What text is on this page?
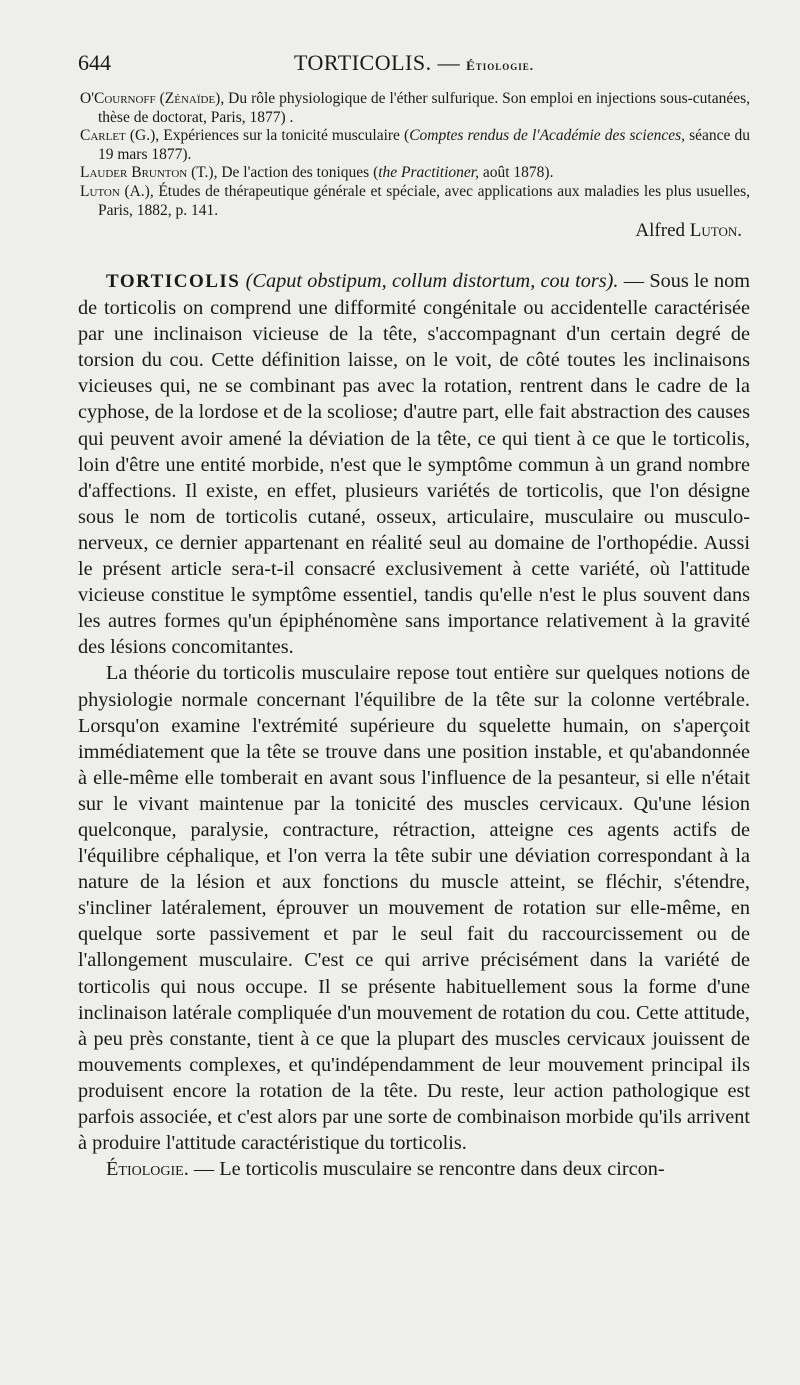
644	TORTICOLIS. — Étiologie.
O'Cournoff (Zénaïde), Du rôle physiologique de l'éther sulfurique. Son emploi en injections sous-cutanées, thèse de doctorat, Paris, 1877) .
Carlet (G.), Expériences sur la tonicité musculaire (Comptes rendus de l'Académie des sciences, séance du 19 mars 1877).
Lauder Brunton (T.), De l'action des toniques (the Practitioner, août 1878).
Luton (A.), Études de thérapeutique générale et spéciale, avec applications aux maladies les plus usuelles, Paris, 1882, p. 141.
Alfred Luton.

TORTICOLIS (Caput obstipum, collum distortum, cou tors). — Sous le nom de torticolis on comprend une difformité congénitale ou accidentelle caractérisée par une inclinaison vicieuse de la tête, s'accompagnant d'un certain degré de torsion du cou. Cette définition laisse, on le voit, de côté toutes les inclinaisons vicieuses qui, ne se combinant pas avec la rotation, rentrent dans le cadre de la cyphose, de la lordose et de la scoliose; d'autre part, elle fait abstraction des causes qui peuvent avoir amené la déviation de la tête, ce qui tient à ce que le torticolis, loin d'être une entité morbide, n'est que le symptôme commun à un grand nombre d'affections. Il existe, en effet, plusieurs variétés de torticolis, que l'on désigne sous le nom de torticolis cutané, osseux, articulaire, musculaire ou musculo-nerveux, ce dernier appartenant en réalité seul au domaine de l'orthopédie. Aussi le présent article sera-t-il consacré exclusivement à cette variété, où l'attitude vicieuse constitue le symptôme essentiel, tandis qu'elle n'est le plus souvent dans les autres formes qu'un épiphénomène sans importance relativement à la gravité des lésions concomitantes.

La théorie du torticolis musculaire repose tout entière sur quelques notions de physiologie normale concernant l'équilibre de la tête sur la colonne vertébrale. Lorsqu'on examine l'extrémité supérieure du squelette humain, on s'aperçoit immédiatement que la tête se trouve dans une position instable, et qu'abandonnée à elle-même elle tomberait en avant sous l'influence de la pesanteur, si elle n'était sur le vivant maintenue par la tonicité des muscles cervicaux. Qu'une lésion quelconque, paralysie, contracture, rétraction, atteigne ces agents actifs de l'équilibre céphalique, et l'on verra la tête subir une déviation correspondant à la nature de la lésion et aux fonctions du muscle atteint, se fléchir, s'étendre, s'incliner latéralement, éprouver un mouvement de rotation sur elle-même, en quelque sorte passivement et par le seul fait du raccourcissement ou de l'allongement musculaire. C'est ce qui arrive précisément dans la variété de torticolis qui nous occupe. Il se présente habituellement sous la forme d'une inclinaison latérale compliquée d'un mouvement de rotation du cou. Cette attitude, à peu près constante, tient à ce que la plupart des muscles cervicaux jouissent de mouvements complexes, et qu'indépendamment de leur mouvement principal ils produisent encore la rotation de la tête. Du reste, leur action pathologique est parfois associée, et c'est alors par une sorte de combinaison morbide qu'ils arrivent à produire l'attitude caractéristique du torticolis.

Étiologie. — Le torticolis musculaire se rencontre dans deux circon-
